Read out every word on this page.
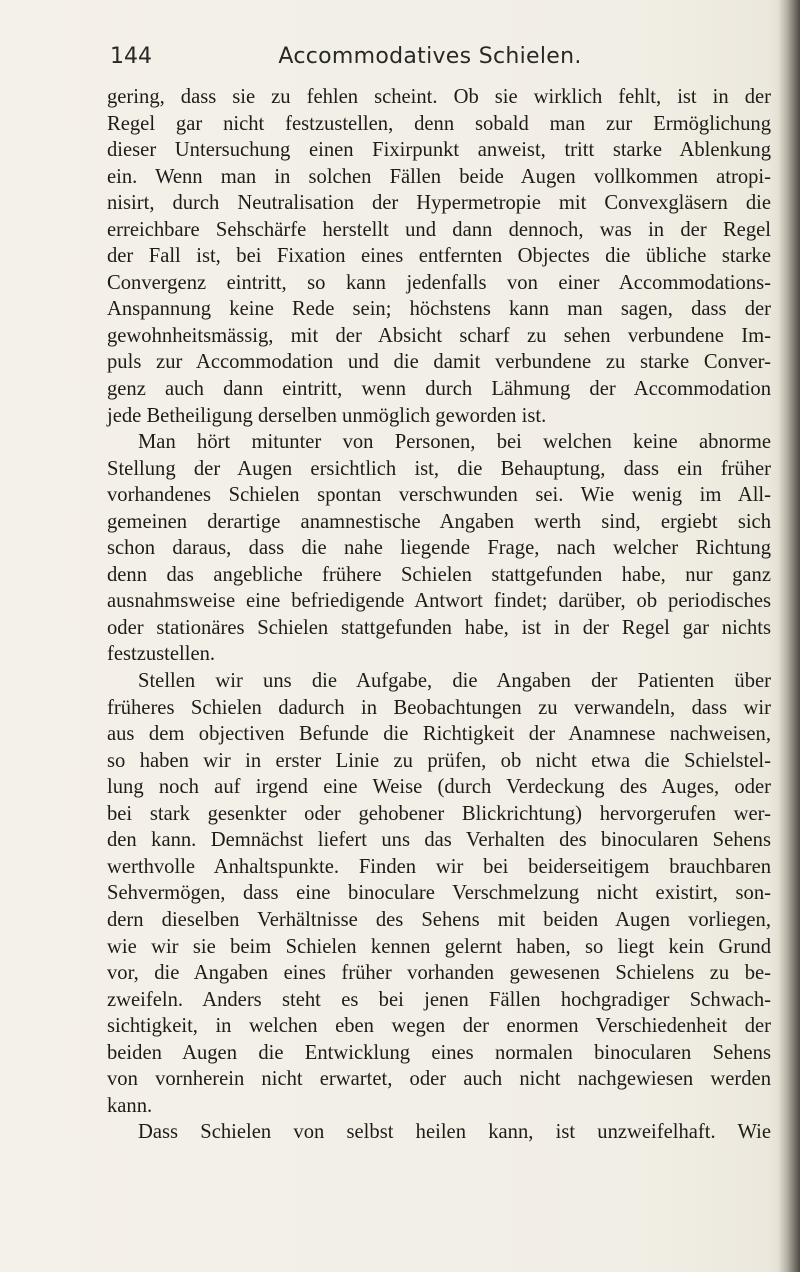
144	Accommodatives Schielen.
gering, dass sie zu fehlen scheint. Ob sie wirklich fehlt, ist in der
Regel gar nicht festzustellen, denn sobald man zur Ermöglichung
dieser Untersuchung einen Fixirpunkt anweist, tritt starke Ablenkung
ein. Wenn man in solchen Fällen beide Augen vollkommen atropi-
nisirt, durch Neutralisation der Hypermetropie mit Convexgläsern die
erreichbare Sehschärfe herstellt und dann dennoch, was in der Regel
der Fall ist, bei Fixation eines entfernten Objectes die übliche starke
Convergenz eintritt, so kann jedenfalls von einer Accommodations-
Anspannung keine Rede sein; höchstens kann man sagen, dass der
gewohnheitsmässig, mit der Absicht scharf zu sehen verbundene Im-
puls zur Accommodation und die damit verbundene zu starke Conver-
genz auch dann eintritt, wenn durch Lähmung der Accommodation
jede Betheiligung derselben unmöglich geworden ist.
Man hört mitunter von Personen, bei welchen keine abnorme
Stellung der Augen ersichtlich ist, die Behauptung, dass ein früher
vorhandenes Schielen spontan verschwunden sei. Wie wenig im All-
gemeinen derartige anamnestische Angaben werth sind, ergiebt sich
schon daraus, dass die nahe liegende Frage, nach welcher Richtung
denn das angebliche frühere Schielen stattgefunden habe, nur ganz
ausnahmsweise eine befriedigende Antwort findet; darüber, ob periodisches
oder stationäres Schielen stattgefunden habe, ist in der Regel gar nichts
festzustellen.
Stellen wir uns die Aufgabe, die Angaben der Patienten über
früheres Schielen dadurch in Beobachtungen zu verwandeln, dass wir
aus dem objectiven Befunde die Richtigkeit der Anamnese nachweisen,
so haben wir in erster Linie zu prüfen, ob nicht etwa die Schielstel-
lung noch auf irgend eine Weise (durch Verdeckung des Auges, oder
bei stark gesenkter oder gehobener Blickrichtung) hervorgerufen wer-
den kann. Demnächst liefert uns das Verhalten des binocularen Sehens
werthvolle Anhaltspunkte. Finden wir bei beiderseitigem brauchbaren
Sehvermögen, dass eine binoculare Verschmelzung nicht existirt, son-
dern dieselben Verhältnisse des Sehens mit beiden Augen vorliegen,
wie wir sie beim Schielen kennen gelernt haben, so liegt kein Grund
vor, die Angaben eines früher vorhanden gewesenen Schielens zu be-
zweifeln. Anders steht es bei jenen Fällen hochgradiger Schwach-
sichtigkeit, in welchen eben wegen der enormen Verschiedenheit der
beiden Augen die Entwicklung eines normalen binocularen Sehens
von vornherein nicht erwartet, oder auch nicht nachgewiesen werden
kann.
Dass Schielen von selbst heilen kann, ist unzweifelhaft. Wie
